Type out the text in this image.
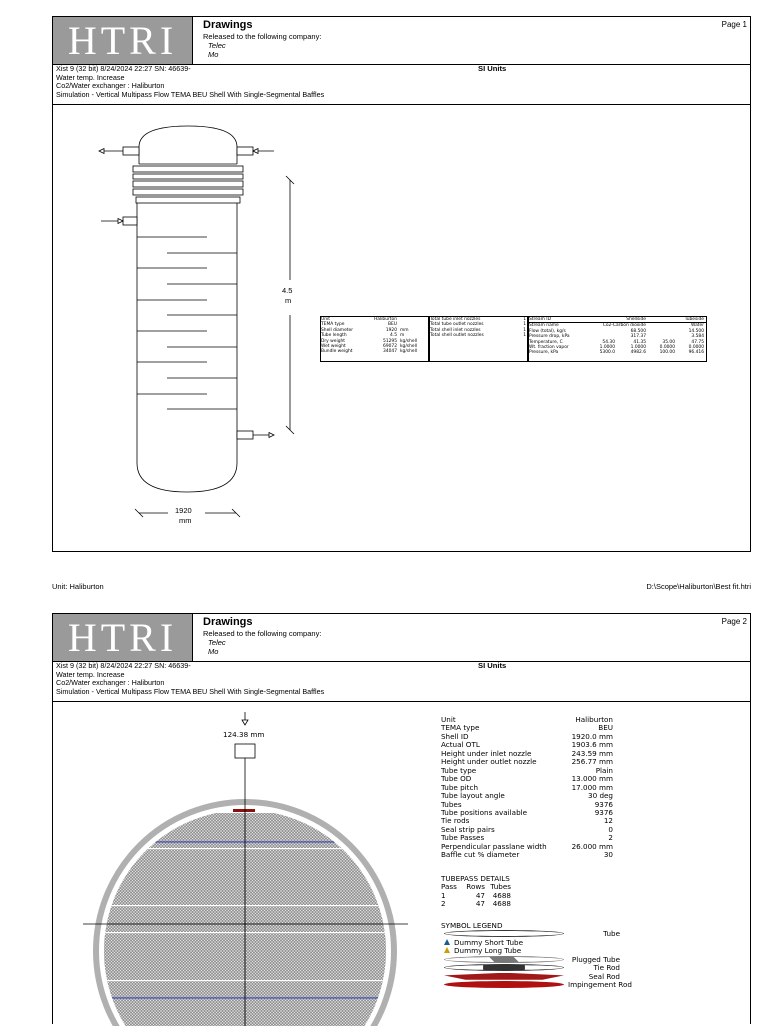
HTRI	Drawings
Released to the following company:
Telec
Mo
Page 1
Xist 9 (32 bit) 8/24/2024 22:27 SN: 46639-
Water temp. Increase
Co2/Water exchanger : Haliburton
Simulation - Vertical Multipass Flow TEMA BEU Shell With Single-Segmental Baffles
SI Units
4.5
m
1920
mm
Unit	Haliburton
TEMA type	BEU
Shell diameter	1920 mm
Tube length	4.5 m
Dry weight	51295 kg/shell
Wet weight	69072 kg/shell
Bundle weight	34047 kg/shell
Total tube inlet nozzles	1
Total tube outlet nozzles	1
Total shell inlet nozzles	1
Total shell outlet nozzles	1
Stream ID	Shellside	Tubeside
Stream name	Co2-Carbon dioxide	Water
Flow (total), kg/s	68.500	14.500
Pressure drop, kPa	317.37	3.584
Temperature, C	54.30	41.35	35.00	47.75
Wt. fraction vapor	1.0000	1.0000	0.0000	0.0000
Pressure, kPa	5300.0	4982.6	100.00	96.416
Unit: Haliburton	D:\Scope\Haliburton\Best fit.htri
HTRI	Drawings
Released to the following company:
Telec
Mo
Page 2
Xist 9 (32 bit) 8/24/2024 22:27 SN: 46639-
Water temp. Increase
Co2/Water exchanger : Haliburton
Simulation - Vertical Multipass Flow TEMA BEU Shell With Single-Segmental Baffles
SI Units
124.38 mm
Unit	Haliburton
TEMA type	BEU
Shell ID	1920.0 mm
Actual OTL	1903.6 mm
Height under inlet nozzle	243.59 mm
Height under outlet nozzle	256.77 mm
Tube type	Plain
Tube OD	13.000 mm
Tube pitch	17.000 mm
Tube layout angle	30 deg
Tubes	9376
Tube positions available	9376
Tie rods	12
Seal strip pairs	0
Tube Passes	2
Perpendicular passlane width	26.000 mm
Baffle cut % diameter	30
TUBEPASS DETAILS
Pass	Rows Tubes
1	47	4688
2	47	4688
SYMBOL LEGEND
Tube
Dummy Short Tube
Dummy Long Tube
Plugged Tube
Tie Rod
Seal Rod
Impingement Rod
